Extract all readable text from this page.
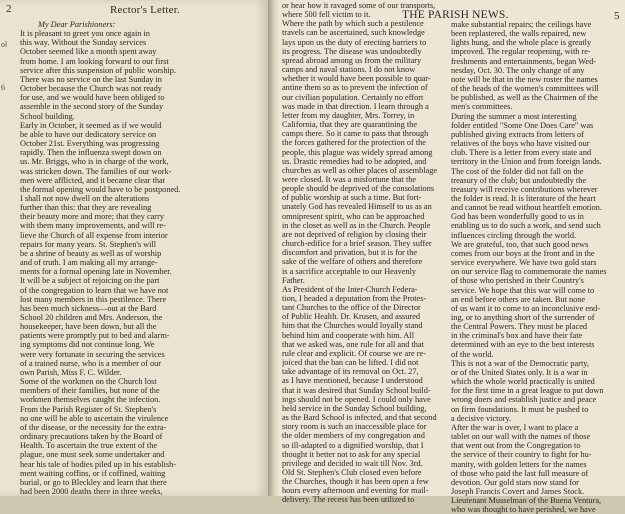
2	Rector's Letter.
ol
6
My Dear Parishioners:
It is pleasant to greet you once again in
this way. Without the Sunday services
October seemed like a month spent away
from home. I am looking forward to our first
service after this suspension of public worship.
There was no service on the last Sunday in
October because the Church was not ready
for use, and we would have been obliged to
assemble in the second story of the Sunday
School building.
Early in October, it seemed as if we would
be able to have our dedicatory service on
October 21st. Everything was progressing
rapidly. Then the influenza swept down on
us. Mr. Briggs, who is in charge of the work,
was stricken down. The families of our work-
men were afflicted, and it became clear that
the formal opening would have to be postponed.
I shall not now dwell on the alterations
further than this: that they are revealing
their beauty more and more; that they carry
with them many improvements, and will re-
lieve the Church of all expense from interior
repairs for many years. St. Stephen's will
be a shrine of beauty as well as of worship
and of truth. I am making all my arrange-
ments for a formal opening late in November.
It will be a subject of rejoicing on the part
of the congregation to learn that we have not
lost many members in this pestilence. There
has been much sickness—out at the Bard
School 20 children and Mrs. Anderson, the
housekeeper, have been down, but all the
patients were promptly put to bed and alarm-
ing symptoms did not continue long. We
were very fortunate in securing the services
of a trained nurse, who is a member of our
own Parish, Miss F. C. Wilder.
Some of the workmen on the Church lost
members of their families, but none of the
workmen themselves caught the infection.
From the Parish Register of St. Stephen's
no one will be able to ascertain the virulence
of the disease, or the necessity for the extra-
ordinary precautions taken by the Board of
Health. To ascertain the true extent of the
plague, one must seek some undertaker and
hear his tale of bodies piled up in his establish-
ment waiting coffins, or if coffined, waiting
burial, or go to Bleckley and learn that there
had been 2000 deaths there in three weeks,
THE PARISH NEWS.	5
or hear how it ravaged some of our transports,
where 500 fell victim to it.
Where the path by which such a pestilence
travels can be ascertained, such knowledge
lays upon us the duty of erecting barriers to
its progress. The disease was undoubtedly
spread abroad among us from the military
camps and naval stations. I do not know
whether it would have been possible to quar-
antine them so as to prevent the infection of
our civilian population. Certainly no effort
was made in that direction. I learn through a
letter from my daughter, Mrs. Torrey, in
California, that they are quarantining the
camps there. So it came to pass that through
the forces gathered for the protection of the
people, this plague was widely spread among
us. Drastic remedies had to be adopted, and
churches as well as other places of assemblage
were closed. It was a misfortune that the
people should be deprived of the consolations
of public worship at such a time. But fort-
unately God has revealed Himself to us as an
omnipresent spirit, who can be approached
in the closet as well as in the Church. People
are not deprived of religion by closing their
church-edifice for a brief season. They suffer
discomfort and privation, but it is for the
sake of the welfare of others and therefore
is a sacrifice acceptable to our Heavenly
Father.
As President of the Inter-Church Federa-
tion, I headed a deputation from the Protes-
tant Churches to the office of the Director
of Public Health. Dr. Krusen, and assured
him that the Churches would loyally stand
behind him and cooperate with him. All
that we asked was, one rule for all and that
rule clear and explicit. Of course we are re-
joiced that the ban can be lifted. I did not
take advantage of its removal on Oct. 27,
as I have mentioned, because I understood
that it was desired that Sunday School build-
ings should not be opened. I could only have
held service in the Sunday School building,
as the Bard School is infected, and that second
story room is such an inaccessible place for
the older members of my congregation and
so ill-adapted to a dignified worship, that I
thought it better not to ask for any special
privilege and decided to wait till Nov. 3rd.
Old St. Stephen's Club closed even before
the Churches, though it has been open a few
hours every afternoon and evening for mail-
delivery. The recess has been utilized to
make substantial repairs; the ceilings have
been replastered, the walls repaired, new
lights hung, and the whole place is greatly
improved. The regular reopening, with re-
freshments and entertainments, began Wed-
nesday, Oct. 30. The only change of any
note will be that in the new roster the names
of the heads of the women's committees will
be published, as well as the Chairmen of the
men's committees.
During the summer a most interesting
folder entitled "Some One Does Care" was
published giving extracts from letters of
relatives of the boys who have visited our
club. There is a letter from every state and
territory in the Union and from foreign lands.
The cost of the folder did not fall on the
treasury of the club; but undoubtedly the
treasury will receive contributions wherever
the folder is read. It is literature of the heart
and cannot be read without heartfelt emotion.
God has been wonderfully good to us in
enabling us to do such a work, and send such
influences circling through the world.
We are grateful, too, that such good news
comes from our boys at the front and in the
service everywhere. We have two gold stars
on our service flag to commemorate the names
of those who perished in their Country's
service. We hope that this war will come to
an end before others are taken. But none
of us want it to come to an inconclusive end-
ing, or to anything short of the surrender of
the Central Powers. They must be placed
in the criminal's box and have their fate
determined with an eye to the best interests
of the world.
This is not a war of the Democratic party,
or of the United States only. It is a war in
which the whole world practically is united
for the first time in a great league to put down
wrong doers and establish justice and peace
on firm foundations. It must be pushed to
a decisive victory.
After the war is over, I want to place a
tablet on our wall with the names of those
that went out from the Congregation to
the service of their country to fight for hu-
manity, with golden letters for the names
of those who paid the last full measure of
devotion. Our gold stars now stand for
Joseph Francis Covert and James Stock.
Lieutenant Musselman of the Buena Ventura,
who was thought to have perished, we have
